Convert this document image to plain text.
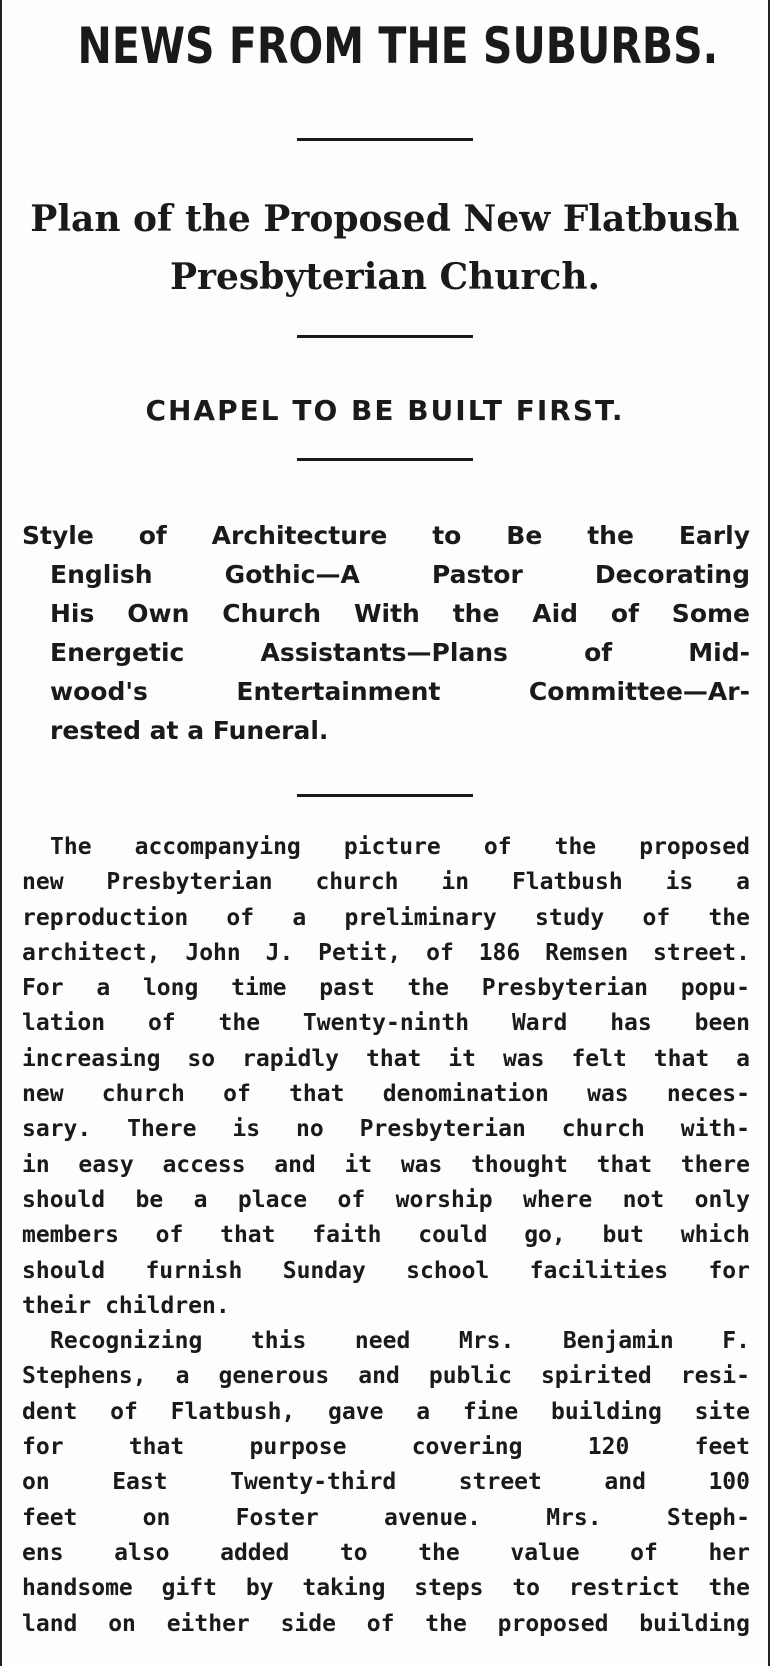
NEWS FROM THE SUBURBS.
Plan of the Proposed New Flatbush
Presbyterian Church.
CHAPEL TO BE BUILT FIRST.
Style of Architecture to Be the Early
English Gothic—A Pastor Decorating
His Own Church With the Aid of Some
Energetic Assistants—Plans of Mid-
wood's Entertainment Committee—Ar-
rested at a Funeral.
The accompanying picture of the proposed
new Presbyterian church in Flatbush is a
reproduction of a preliminary study of the
architect, John J. Petit, of 186 Remsen street.
For a long time past the Presbyterian popu-
lation of the Twenty-ninth Ward has been
increasing so rapidly that it was felt that a
new church of that denomination was neces-
sary. There is no Presbyterian church with-
in easy access and it was thought that there
should be a place of worship where not only
members of that faith could go, but which
should furnish Sunday school facilities for
their children.
Recognizing this need Mrs. Benjamin F.
Stephens, a generous and public spirited resi-
dent of Flatbush, gave a fine building site
for that purpose covering 120 feet
on East Twenty-third street and 100
feet on Foster avenue. Mrs. Steph-
ens also added to the value of her
handsome gift by taking steps to restrict the
land on either side of the proposed building
